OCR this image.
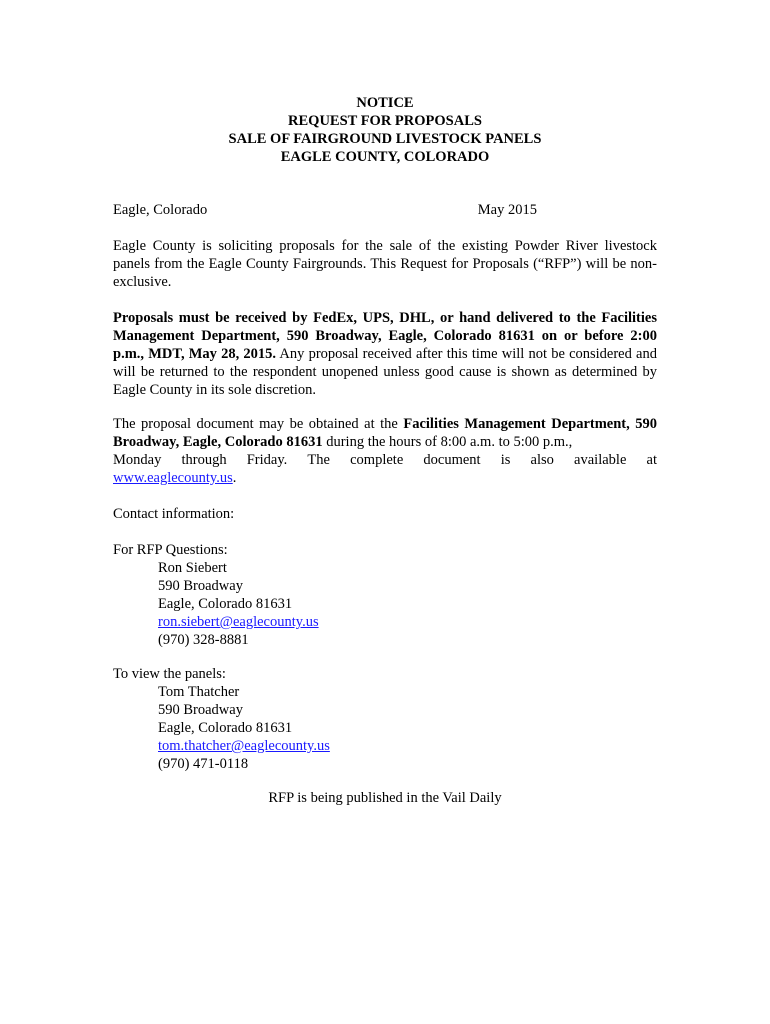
NOTICE
REQUEST FOR PROPOSALS
SALE OF FAIRGROUND LIVESTOCK PANELS
EAGLE COUNTY, COLORADO
Eagle, Colorado	May 2015
Eagle County is soliciting proposals for the sale of the existing Powder River livestock panels from the Eagle County Fairgrounds. This Request for Proposals (“RFP”) will be non-exclusive.
Proposals must be received by FedEx, UPS, DHL, or hand delivered to the Facilities Management Department, 590 Broadway, Eagle, Colorado 81631 on or before 2:00 p.m., MDT, May 28, 2015. Any proposal received after this time will not be considered and will be returned to the respondent unopened unless good cause is shown as determined by Eagle County in its sole discretion.
The proposal document may be obtained at the Facilities Management Department, 590 Broadway, Eagle, Colorado 81631 during the hours of 8:00 a.m. to 5:00 p.m.,
Monday through Friday. The complete document is also available at
www.eaglecounty.us.
Contact information:
For RFP Questions:
Ron Siebert
590 Broadway
Eagle, Colorado 81631
ron.siebert@eaglecounty.us
(970) 328-8881
To view the panels:
Tom Thatcher
590 Broadway
Eagle, Colorado 81631
tom.thatcher@eaglecounty.us
(970) 471-0118
RFP is being published in the Vail Daily
